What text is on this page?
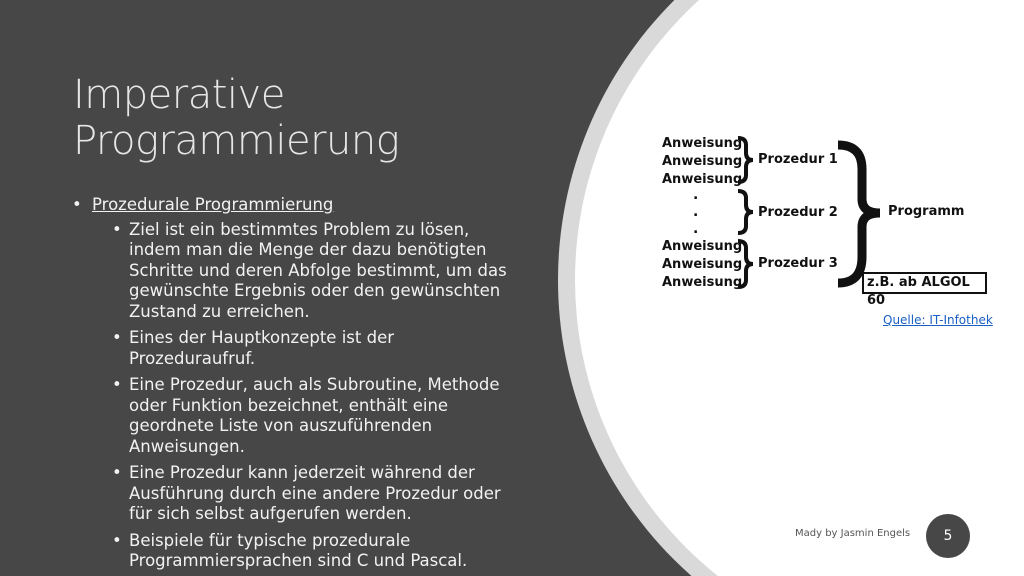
Imperative
Programmierung
• Prozedurale Programmierung
• Ziel ist ein bestimmtes Problem zu lösen, indem man die Menge der dazu benötigten Schritte und deren Abfolge bestimmt, um das gewünschte Ergebnis oder den gewünschten Zustand zu erreichen.
• Eines der Hauptkonzepte ist der Prozeduraufruf.
• Eine Prozedur, auch als Subroutine, Methode oder Funktion bezeichnet, enthält eine geordnete Liste von auszuführenden Anweisungen.
• Eine Prozedur kann jederzeit während der Ausführung durch eine andere Prozedur oder für sich selbst aufgerufen werden.
• Beispiele für typische prozedurale Programmiersprachen sind C und Pascal.
Anweisung
Anweisung
Anweisung
.
.
.
Anweisung
Anweisung
Anweisung
Prozedur 1
Prozedur 2
Prozedur 3
Programm
z.B. ab ALGOL 60
Quelle: IT-Infothek
Mady by Jasmin Engels	5
